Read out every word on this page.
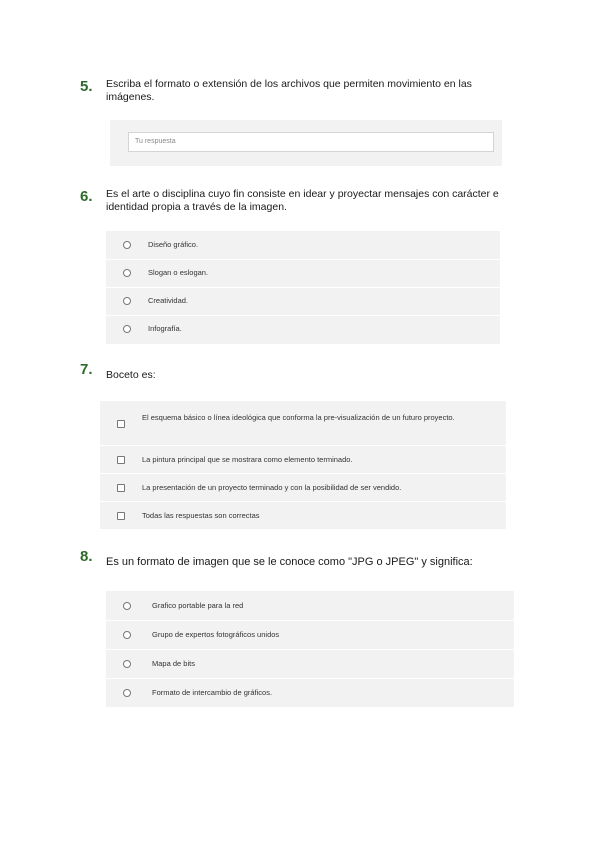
5. Escriba el formato o extensión de los archivos que permiten movimiento en las imágenes.
Tu respuesta
6. Es el arte o disciplina cuyo fin consiste en idear y proyectar mensajes con carácter e identidad propia a través de la imagen.
Diseño gráfico.
Slogan o eslogan.
Creatividad.
Infografía.
7. Boceto es:
El esquema básico o línea ideológica que conforma la pre-visualización de un futuro proyecto.
La pintura principal que se mostrara como elemento terminado.
La presentación de un proyecto terminado y con la posibilidad de ser vendido.
Todas las respuestas son correctas
8. Es un formato de imagen que se le conoce como "JPG o JPEG" y significa:
Grafico portable para la red
Grupo de expertos fotográficos unidos
Mapa de bits
Formato de intercambio de gráficos.
